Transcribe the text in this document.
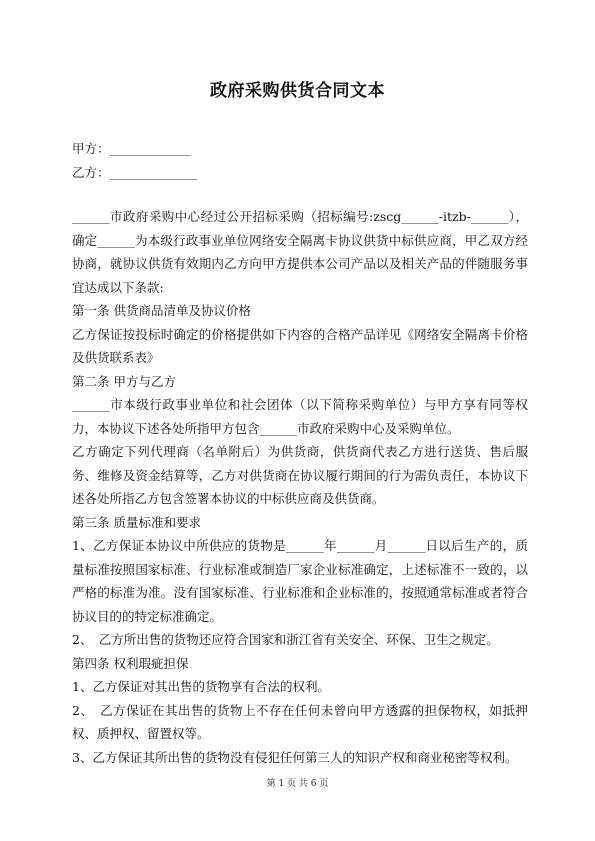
政府采购供货合同文本
甲方：_____________
乙方：______________

______市政府采购中心经过公开招标采购（招标编号:zscg______-itzb-______），确定______为本级行政事业单位网络安全隔离卡协议供货中标供应商，甲乙双方经协商，就协议供货有效期内乙方向甲方提供本公司产品以及相关产品的伴随服务事宜达成以下条款:

第一条 供货商品清单及协议价格

乙方保证按投标时确定的价格提供如下内容的合格产品详见《网络安全隔离卡价格及供货联系表》

第二条 甲方与乙方

______市本级行政事业单位和社会团体（以下简称采购单位）与甲方享有同等权力，本协议下述各处所指甲方包含______市政府采购中心及采购单位。

乙方确定下列代理商（名单附后）为供货商，供货商代表乙方进行送货、售后服务、维修及资金结算等，乙方对供货商在协议履行期间的行为需负责任，本协议下述各处所指乙方包含签署本协议的中标供应商及供货商。

第三条 质量标准和要求

1、乙方保证本协议中所供应的货物是______年______月______日以后生产的，质量标准按照国家标准、行业标准或制造厂家企业标准确定，上述标准不一致的，以严格的标准为准。没有国家标准、行业标准和企业标准的，按照通常标准或者符合协议目的的特定标准确定。

2、　乙方所出售的货物还应符合国家和浙江省有关安全、环保、卫生之规定。

第四条 权利瑕疵担保

1、乙方保证对其出售的货物享有合法的权利。

2、　乙方保证在其出售的货物上不存在任何未曾向甲方透露的担保物权，如抵押权、质押权、留置权等。

3、乙方保证其所出售的货物没有侵犯任何第三人的知识产权和商业秘密等权利。

第 1 页 共 6 页
